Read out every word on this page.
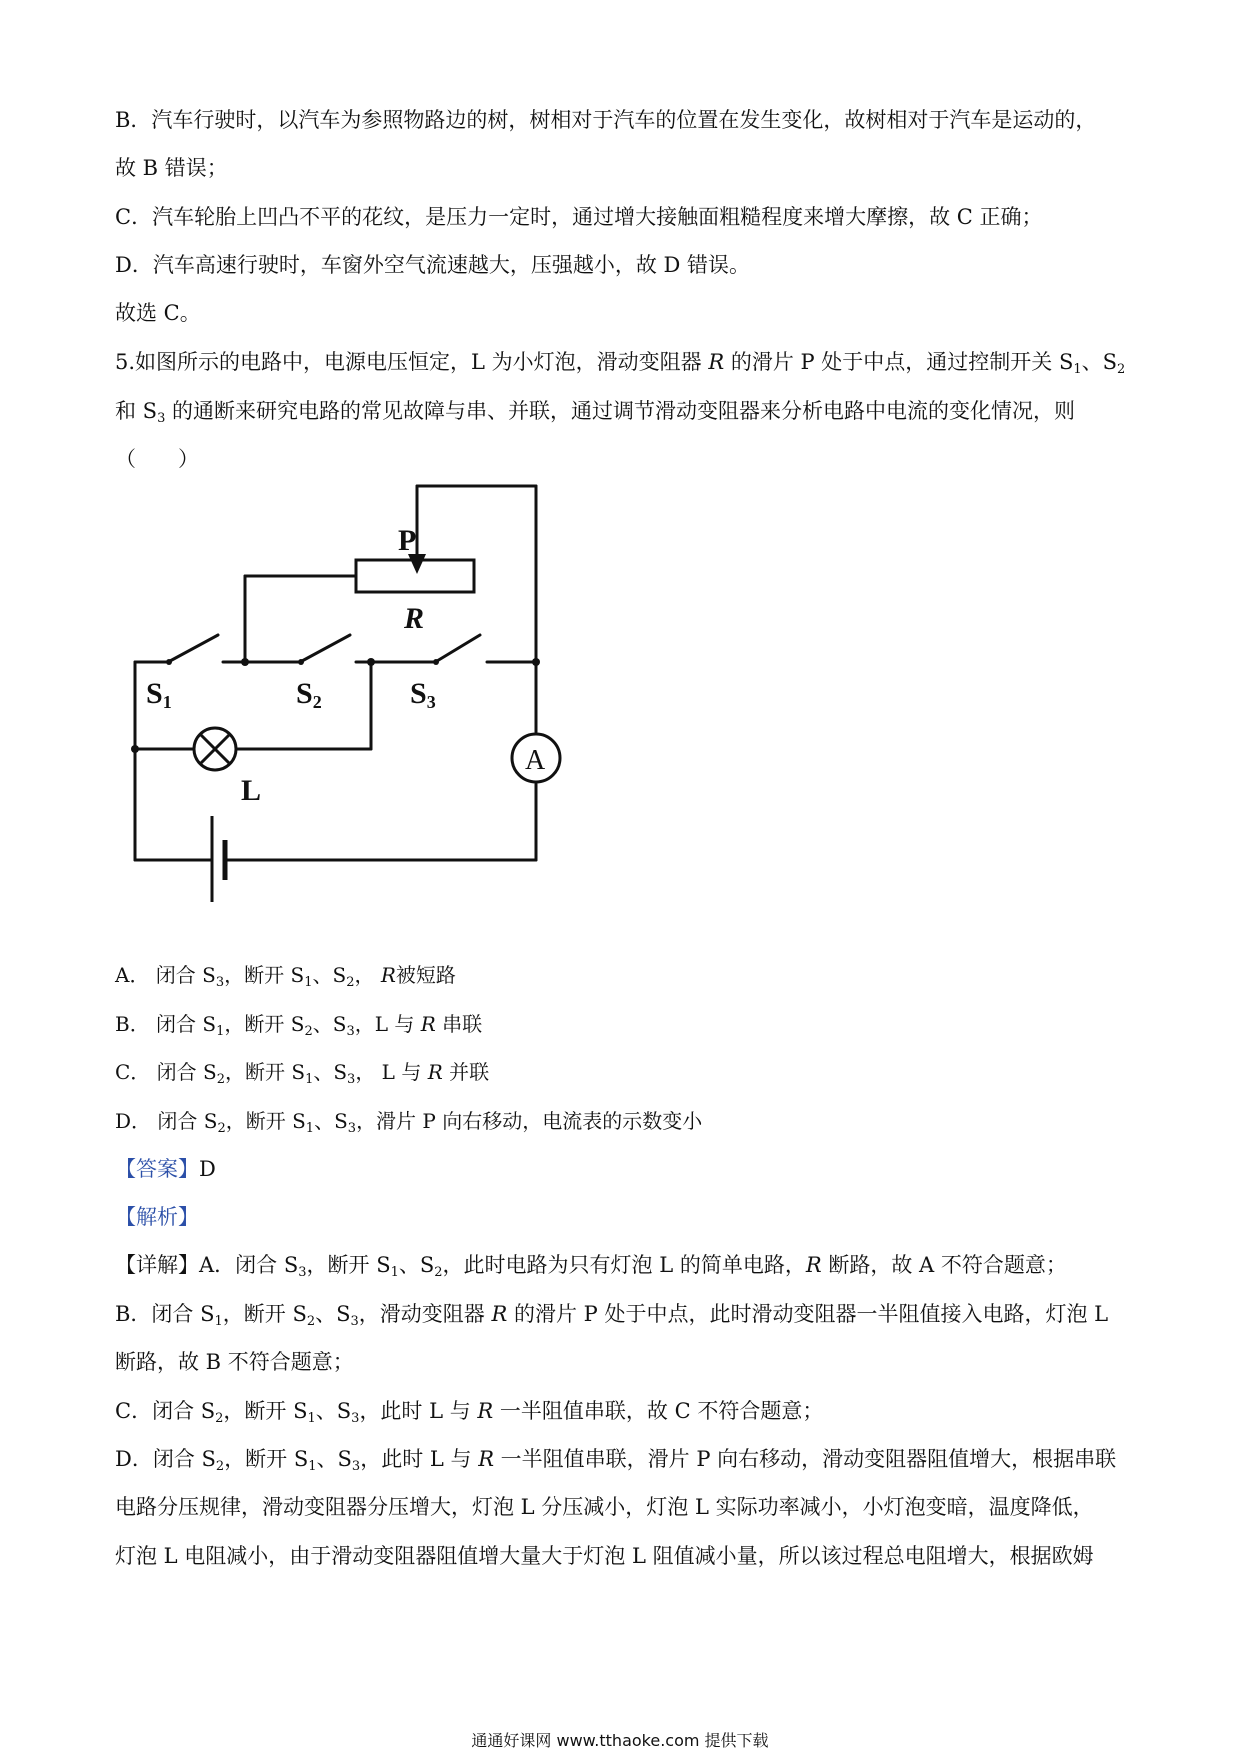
B．汽车行驶时，以汽车为参照物路边的树，树相对于汽车的位置在发生变化，故树相对于汽车是运动的，
故 B 错误；
C．汽车轮胎上凹凸不平的花纹，是压力一定时，通过增大接触面粗糙程度来增大摩擦，故 C 正确；
D．汽车高速行驶时，车窗外空气流速越大，压强越小，故 D 错误。
故选 C。
5.如图所示的电路中，电源电压恒定，L 为小灯泡，滑动变阻器 R 的滑片 P 处于中点，通过控制开关 $S_1$、$S_2$
和 $S_3$ 的通断来研究电路的常见故障与串、并联，通过调节滑动变阻器来分析电路中电流的变化情况，则
（　　）
P
R
S1	S2	S3
L
A
A． 闭合 $S_3$，断开 $S_1$、$S_2$， R被短路
B． 闭合 $S_1$，断开 $S_2$、$S_3$，L 与 R 串联
C． 闭合 $S_2$，断开 $S_1$、$S_3$， L 与 R 并联
D． 闭合 $S_2$，断开 $S_1$、$S_3$，滑片 P 向右移动，电流表的示数变小
【答案】D
【解析】
【详解】A．闭合 $S_3$，断开 $S_1$、$S_2$，此时电路为只有灯泡 L 的简单电路，R 断路，故 A 不符合题意；
B．闭合 $S_1$，断开 $S_2$、$S_3$，滑动变阻器 R 的滑片 P 处于中点，此时滑动变阻器一半阻值接入电路，灯泡 L
断路，故 B 不符合题意；
C．闭合 $S_2$，断开 $S_1$、$S_3$，此时 L 与 R 一半阻值串联，故 C 不符合题意；
D．闭合 $S_2$，断开 $S_1$、$S_3$，此时 L 与 R 一半阻值串联，滑片 P 向右移动，滑动变阻器阻值增大，根据串联
电路分压规律，滑动变阻器分压增大，灯泡 L 分压减小，灯泡 L 实际功率减小，小灯泡变暗，温度降低，
灯泡 L 电阻减小，由于滑动变阻器阻值增大量大于灯泡 L 阻值减小量，所以该过程总电阻增大，根据欧姆
通通好课网 www.tthaoke.com 提供下载
